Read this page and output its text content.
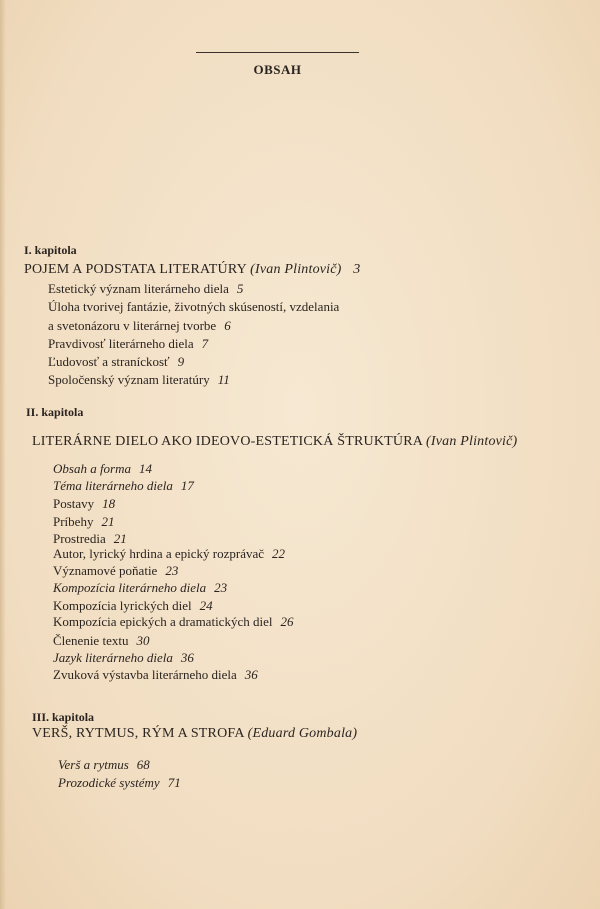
OBSAH
I. kapitola
POJEM A PODSTATA LITERATÚRY (Ivan Plintovič) 3
Estetický význam literárneho diela 5
Úloha tvorivej fantázie, životných skúseností, vzdelania
a svetonázoru v literárnej tvorbe 6
Pravdivosť literárneho diela 7
Ľudovosť a straníckosť 9
Spoločenský význam literatúry 11
II. kapitola
LITERÁRNE DIELO AKO IDEOVO-ESTETICKÁ ŠTRUKTÚRA (Ivan Plintovič)
Obsah a forma 14
Téma literárneho diela 17
Postavy 18
Príbehy 21
Prostredia 21
Autor, lyrický hrdina a epický rozprávač 22
Významové poňatie 23
Kompozícia literárneho diela 23
Kompozícia lyrických diel 24
Kompozícia epických a dramatických diel 26
Členenie textu 30
Jazyk literárneho diela 36
Zvuková výstavba literárneho diela 36
III. kapitola
VERŠ, RYTMUS, RÝM A STROFA (Eduard Gombala)
Verš a rytmus 68
Prozodické systémy 71
